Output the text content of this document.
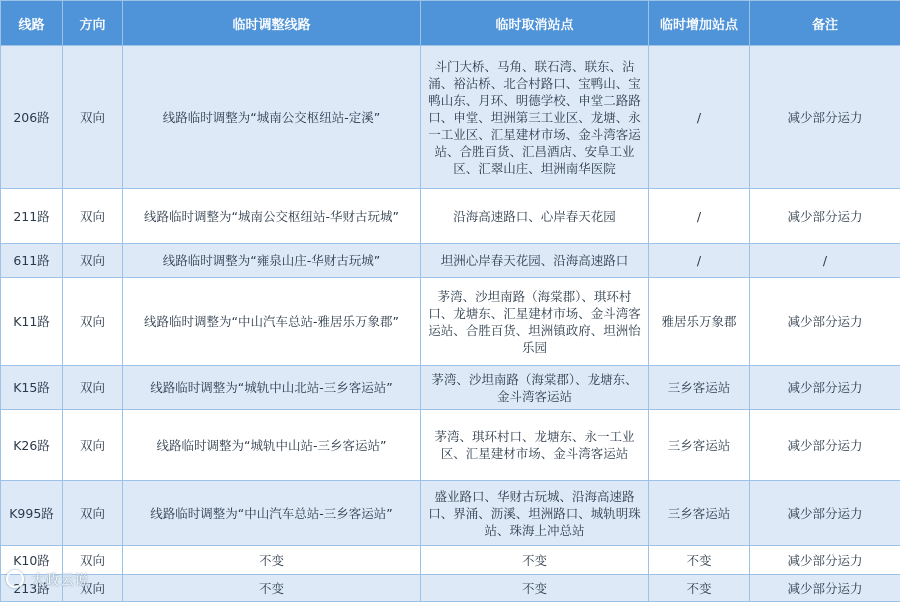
线路	方向	临时调整线路	临时取消站点	临时增加站点	备注
206路	双向	线路临时调整为“城南公交枢纽站-定溪”	斗门大桥、马角、联石湾、联东、沾涌、裕沾桥、北合村路口、宝鸭山、宝鸭山东、月环、明德学校、申堂二路路口、申堂、坦洲第三工业区、龙塘、永一工业区、汇星建材市场、金斗湾客运站、合胜百货、汇昌酒店、安阜工业区、汇翠山庄、坦洲南华医院	/	减少部分运力
211路	双向	线路临时调整为“城南公交枢纽站-华财古玩城”	沿海高速路口、心岸春天花园	/	减少部分运力
611路	双向	线路临时调整为“雍泉山庄-华财古玩城”	坦洲心岸春天花园、沿海高速路口	/	/
K11路	双向	线路临时调整为“中山汽车总站-雅居乐万象郡”	茅湾、沙坦南路（海棠郡）、琪环村口、龙塘东、汇星建材市场、金斗湾客运站、合胜百货、坦洲镇政府、坦洲怡乐园	雅居乐万象郡	减少部分运力
K15路	双向	线路临时调整为“城轨中山北站-三乡客运站”	茅湾、沙坦南路（海棠郡）、龙塘东、金斗湾客运站	三乡客运站	减少部分运力
K26路	双向	线路临时调整为“城轨中山站-三乡客运站”	茅湾、琪环村口、龙塘东、永一工业区、汇星建材市场、金斗湾客运站	三乡客运站	减少部分运力
K995路	双向	线路临时调整为“中山汽车总站-三乡客运站”	盛业路口、华财古玩城、沿海高速路口、界涌、沥溪、坦洲路口、城轨明珠站、珠海上冲总站	三乡客运站	减少部分运力
K10路	双向	不变	不变	不变	减少部分运力
213路	双向	不变	不变	不变	减少部分运力
大政云说
